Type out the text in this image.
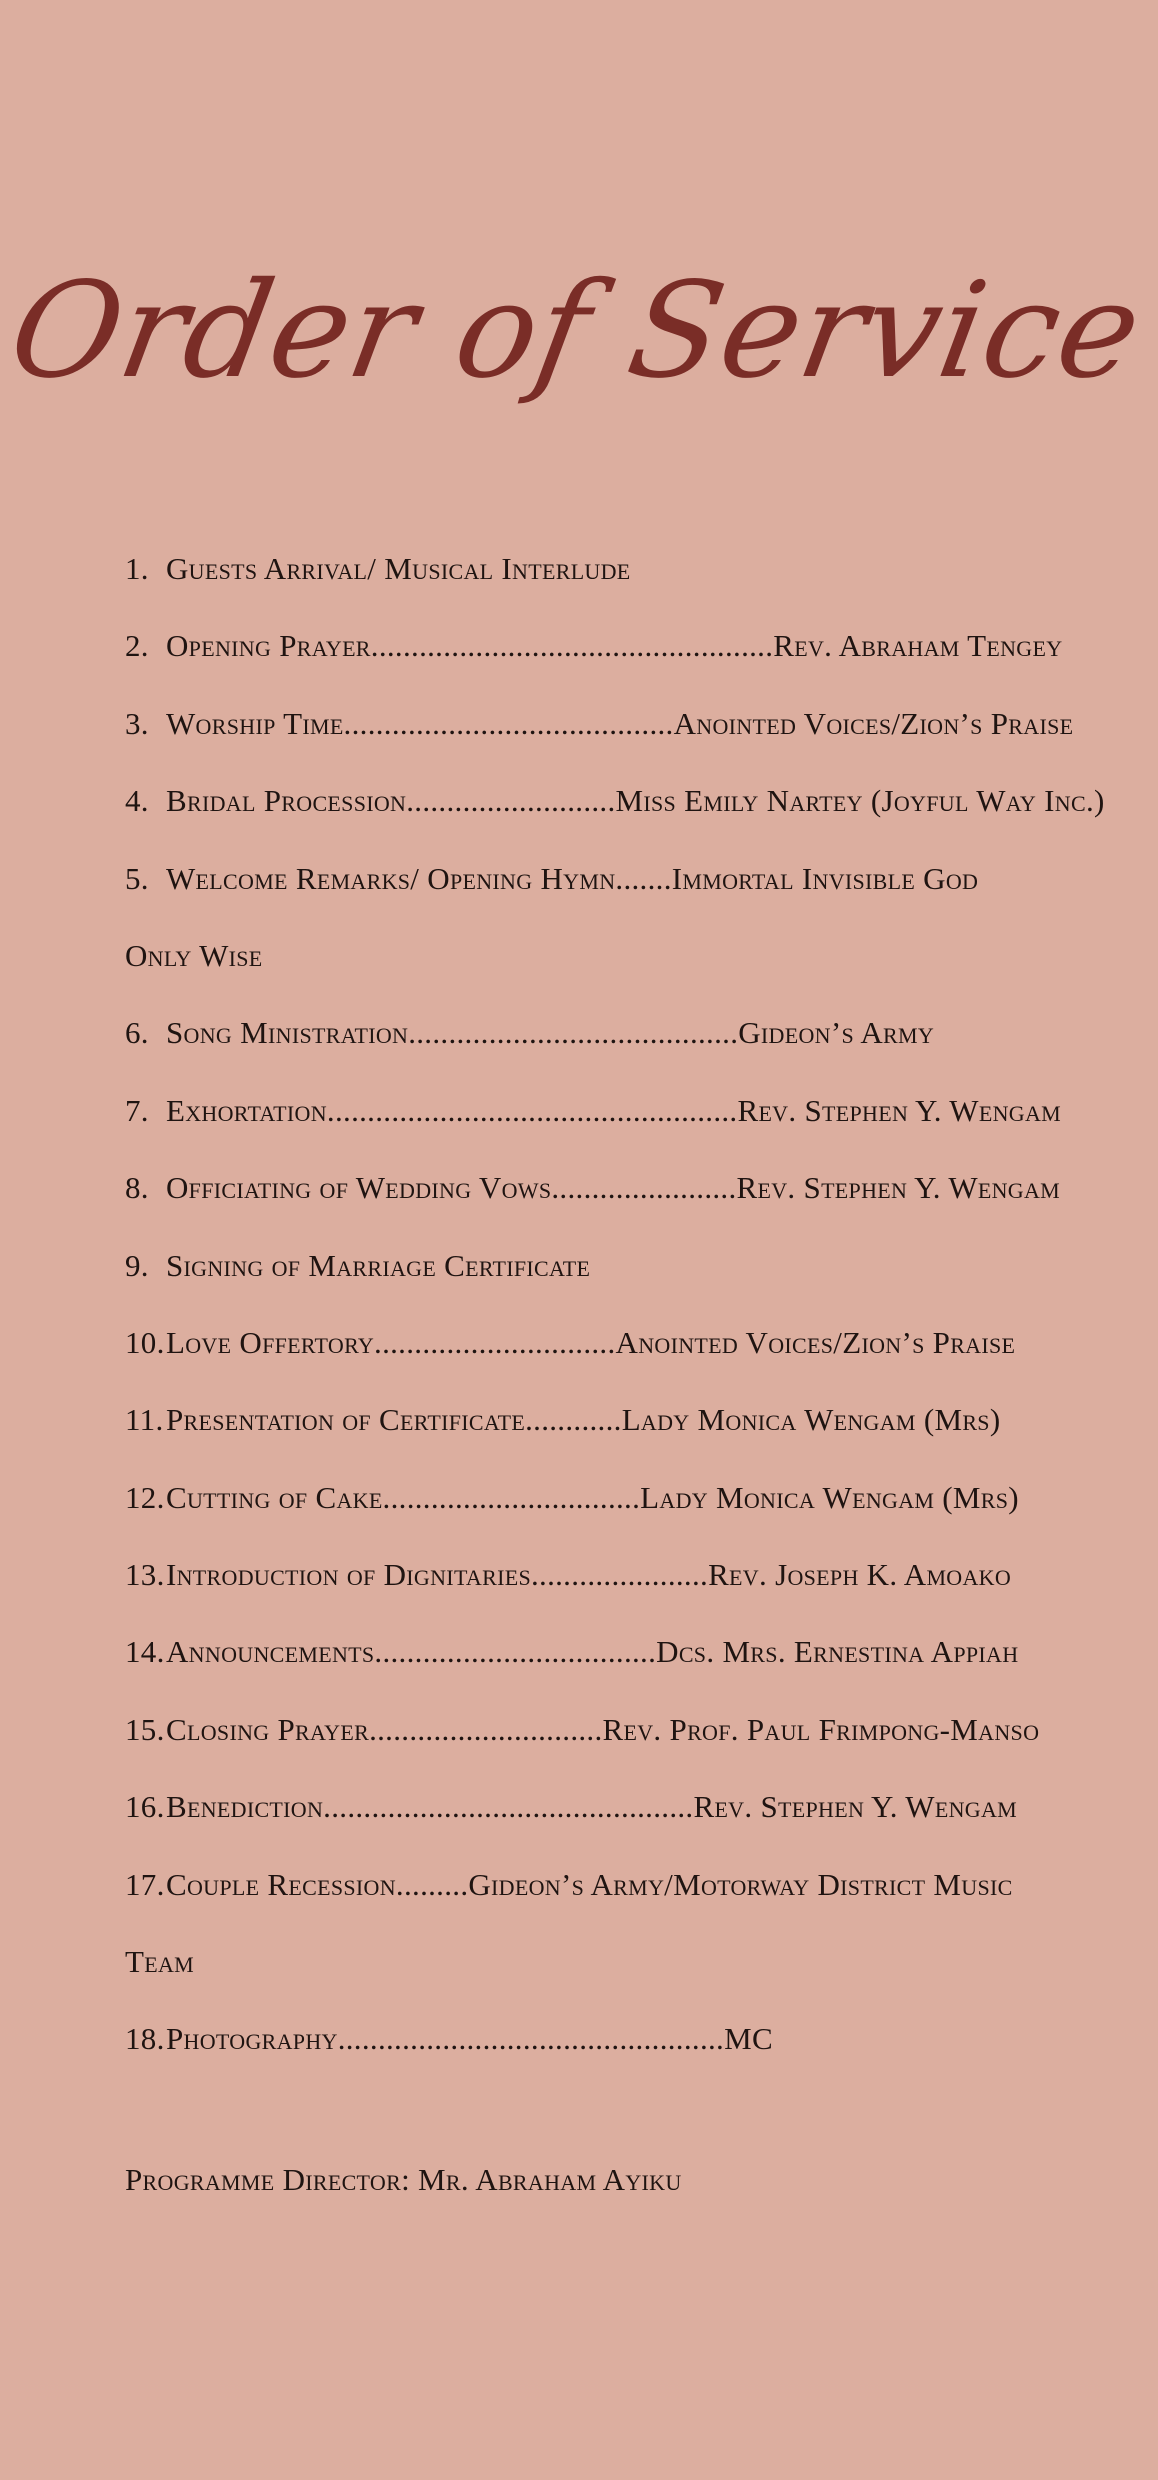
Order of Service
1. Guests Arrival/ Musical Interlude
2. Opening Prayer..................................................Rev. Abraham Tengey
3. Worship Time.........................................Anointed Voices/Zion’s Praise
4. Bridal Procession..........................Miss Emily Nartey (Joyful Way Inc.)
5. Welcome Remarks/ Opening Hymn.......Immortal Invisible God
Only Wise
6. Song Ministration.........................................Gideon’s Army
7. Exhortation...................................................Rev. Stephen Y. Wengam
8. Officiating of Wedding Vows.......................Rev. Stephen Y. Wengam
9. Signing of Marriage Certificate
10.Love Offertory..............................Anointed Voices/Zion’s Praise
11.Presentation of Certificate............Lady Monica Wengam (Mrs)
12.Cutting of Cake................................Lady Monica Wengam (Mrs)
13.Introduction of Dignitaries......................Rev. Joseph K. Amoako
14.Announcements...................................Dcs. Mrs. Ernestina Appiah
15.Closing Prayer.............................Rev. Prof. Paul Frimpong-Manso
16.Benediction..............................................Rev. Stephen Y. Wengam
17.Couple Recession.........Gideon’s Army/Motorway District Music
Team
18.Photography................................................MC
Programme Director: Mr. Abraham Ayiku
